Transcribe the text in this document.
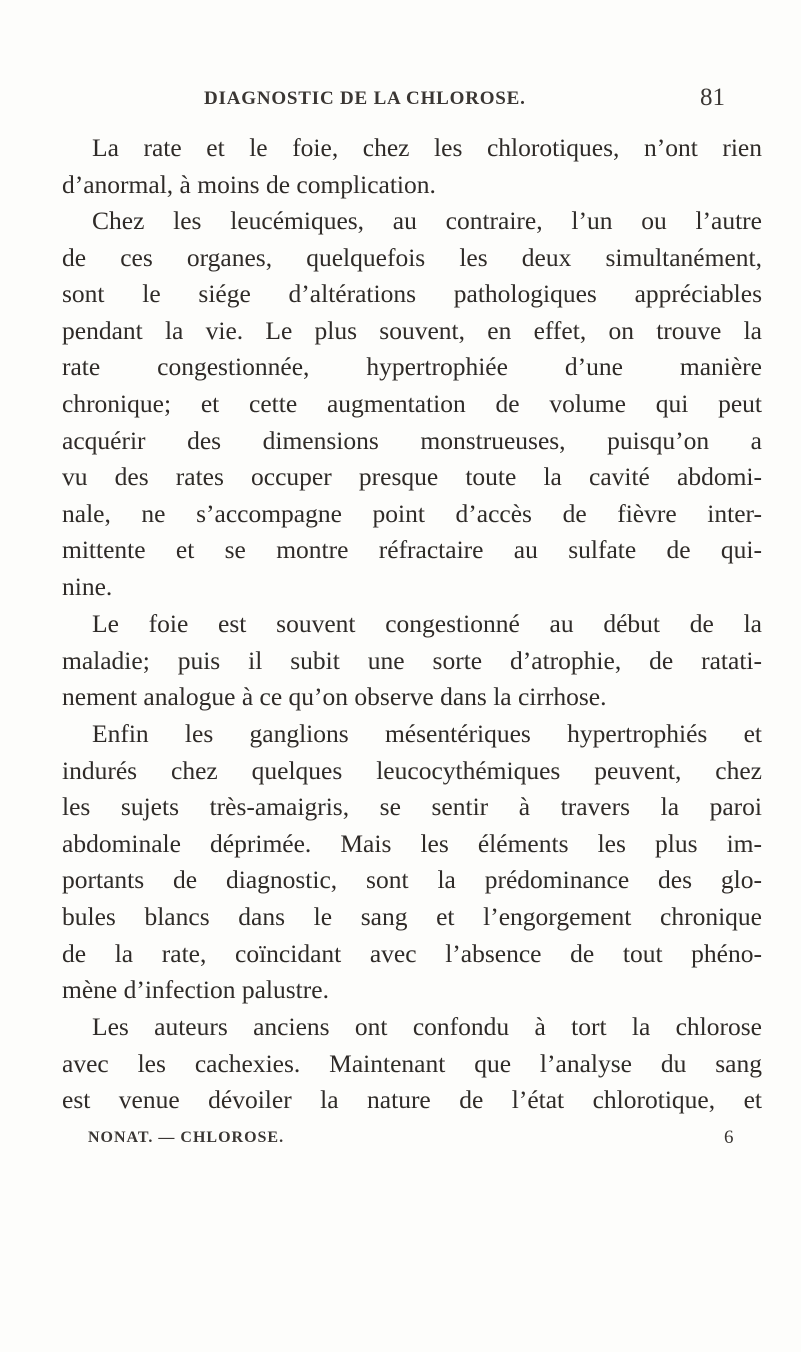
DIAGNOSTIC DE LA CHLOROSE.	81
La rate et le foie, chez les chlorotiques, n’ont rien
d’anormal, à moins de complication.
Chez les leucémiques, au contraire, l’un ou l’autre
de ces organes, quelquefois les deux simultanément,
sont le siége d’altérations pathologiques appréciables
pendant la vie. Le plus souvent, en effet, on trouve la
rate congestionnée, hypertrophiée d’une manière
chronique; et cette augmentation de volume qui peut
acquérir des dimensions monstrueuses, puisqu’on a
vu des rates occuper presque toute la cavité abdomi-
nale, ne s’accompagne point d’accès de fièvre inter-
mittente et se montre réfractaire au sulfate de qui-
nine.
Le foie est souvent congestionné au début de la
maladie; puis il subit une sorte d’atrophie, de ratati-
nement analogue à ce qu’on observe dans la cirrhose.
Enfin les ganglions mésentériques hypertrophiés et
indurés chez quelques leucocythémiques peuvent, chez
les sujets très-amaigris, se sentir à travers la paroi
abdominale déprimée. Mais les éléments les plus im-
portants de diagnostic, sont la prédominance des glo-
bules blancs dans le sang et l’engorgement chronique
de la rate, coïncidant avec l’absence de tout phéno-
mène d’infection palustre.
Les auteurs anciens ont confondu à tort la chlorose
avec les cachexies. Maintenant que l’analyse du sang
est venue dévoiler la nature de l’état chlorotique, et
NONAT. — CHLOROSE.	6
